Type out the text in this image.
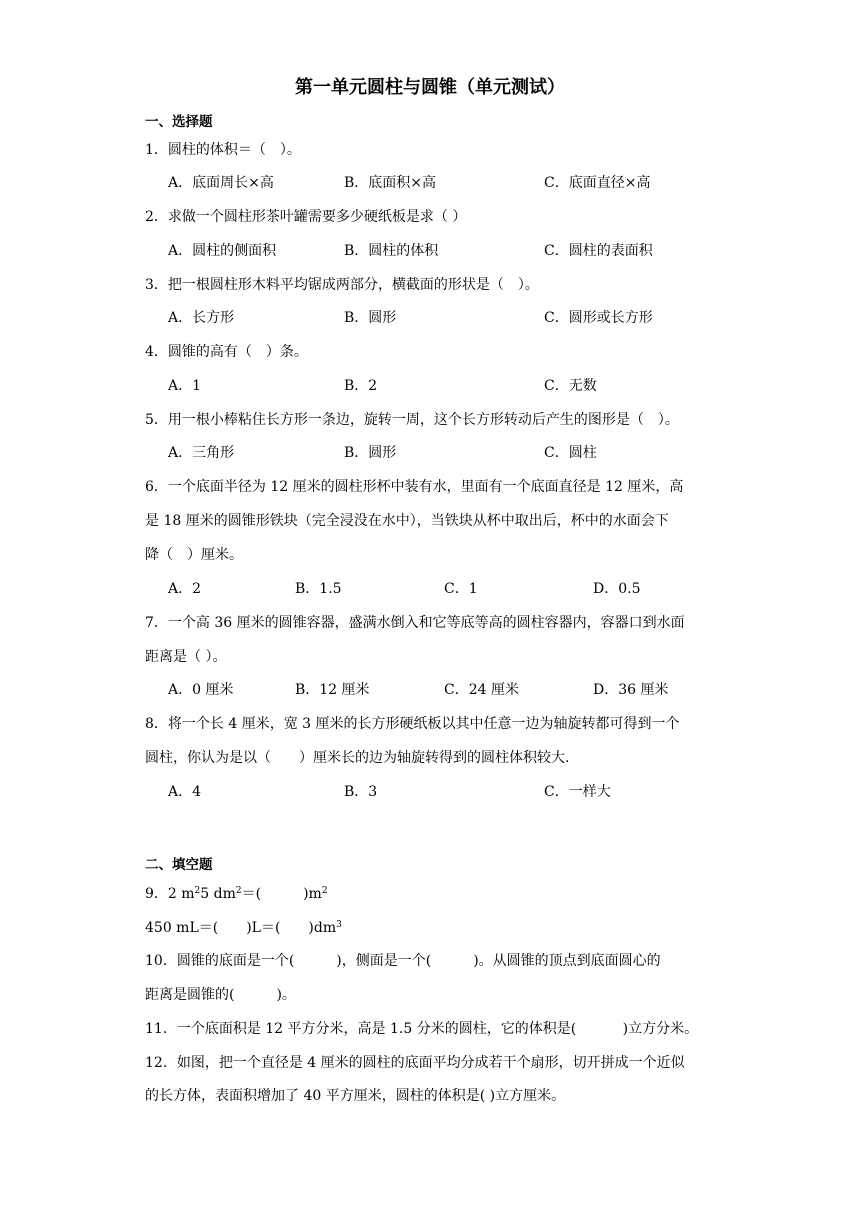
第一单元圆柱与圆锥（单元测试）
一、选择题
1．圆柱的体积＝（　）。
A．底面周长×高	B．底面积×高	C．底面直径×高
2．求做一个圆柱形茶叶罐需要多少硬纸板是求（ ）
A．圆柱的侧面积	B．圆柱的体积	C．圆柱的表面积
3．把一根圆柱形木料平均锯成两部分，横截面的形状是（　）。
A．长方形	B．圆形	C．圆形或长方形
4．圆锥的高有（　）条。
A．1	B．2	C．无数
5．用一根小棒粘住长方形一条边，旋转一周，这个长方形转动后产生的图形是（　）。
A．三角形	B．圆形	C．圆柱
6．一个底面半径为 12 厘米的圆柱形杯中装有水，里面有一个底面直径是 12 厘米，高
是 18 厘米的圆锥形铁块（完全浸没在水中），当铁块从杯中取出后，杯中的水面会下
降（　）厘米。
A．2	B．1.5	C．1	D．0.5
7．一个高 36 厘米的圆锥容器，盛满水倒入和它等底等高的圆柱容器内，容器口到水面
距离是（ ）。
A．0 厘米	B．12 厘米	C．24 厘米	D．36 厘米
8．将一个长 4 厘米，宽 3 厘米的长方形硬纸板以其中任意一边为轴旋转都可得到一个
圆柱，你认为是以（　　）厘米长的边为轴旋转得到的圆柱体积较大.
A．4	B．3	C．一样大
二、填空题
9．2 $m^25$ $dm^2=$(　　　)$m^2$
450 mL＝(　　)L＝(　　)$dm^3$
10．圆锥的底面是一个(　　　)，侧面是一个(　　　)。从圆锥的顶点到底面圆心的
距离是圆锥的(　　　)。
11．一个底面积是 12 平方分米，高是 1.5 分米的圆柱，它的体积是(　　　 )立方分米。
12．如图，把一个直径是 4 厘米的圆柱的底面平均分成若干个扇形，切开拼成一个近似
的长方体，表面积增加了 40 平方厘米，圆柱的体积是( )立方厘米。
